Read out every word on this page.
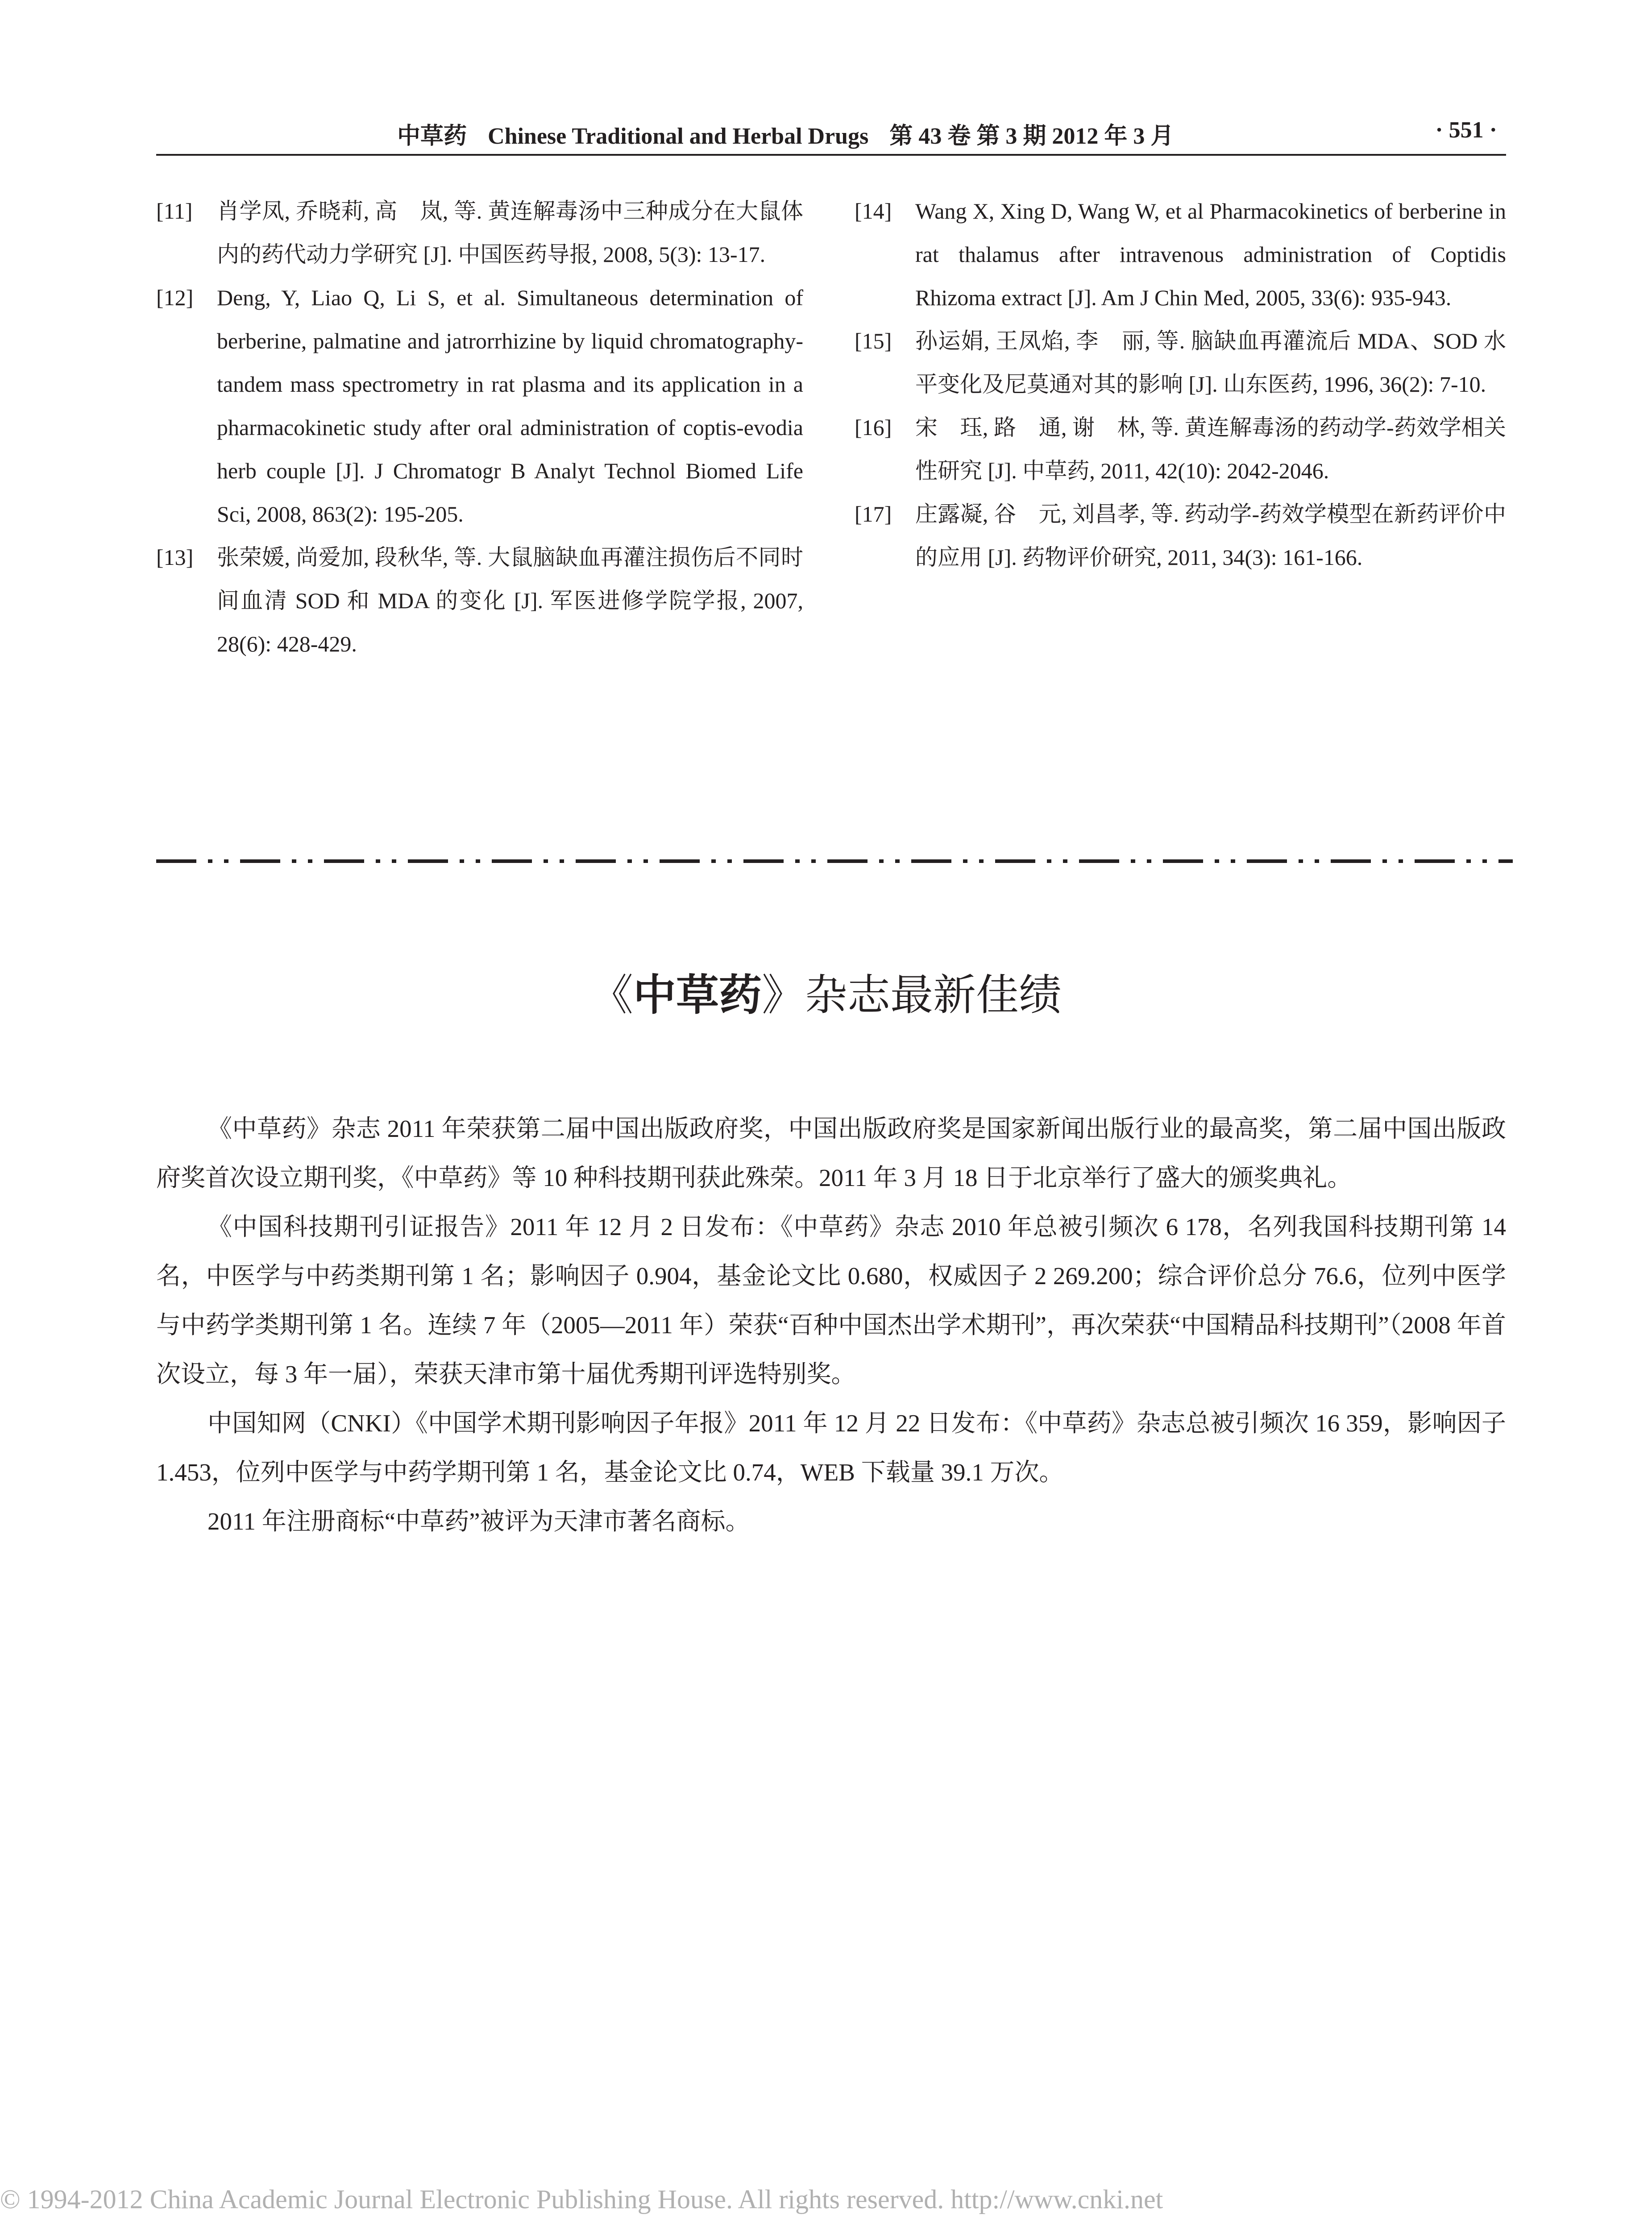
中草药 Chinese Traditional and Herbal Drugs 第 43 卷 第 3 期 2012 年 3 月	· 551 ·
[11] 肖学凤, 乔晓莉, 高　岚, 等. 黄连解毒汤中三种成分在大鼠体内的药代动力学研究 [J]. 中国医药导报, 2008, 5(3): 13-17.
[12] Deng, Y, Liao Q, Li S, et al. Simultaneous determination of berberine, palmatine and jatrorrhizine by liquid chromatography-tandem mass spectrometry in rat plasma and its application in a pharmacokinetic study after oral administration of coptis-evodia herb couple [J]. J Chromatogr B Analyt Technol Biomed Life Sci, 2008, 863(2): 195-205.
[13] 张荣媛, 尚爱加, 段秋华, 等. 大鼠脑缺血再灌注损伤后不同时间血清 SOD 和 MDA 的变化 [J]. 军医进修学院学报, 2007, 28(6): 428-429.
[14] Wang X, Xing D, Wang W, et al Pharmacokinetics of berberine in rat thalamus after intravenous administration of Coptidis Rhizoma extract [J]. Am J Chin Med, 2005, 33(6): 935-943.
[15] 孙运娟, 王凤焰, 李　丽, 等. 脑缺血再灌流后 MDA、SOD 水平变化及尼莫通对其的影响 [J]. 山东医药, 1996, 36(2): 7-10.
[16] 宋　珏, 路　通, 谢　林, 等. 黄连解毒汤的药动学-药效学相关性研究 [J]. 中草药, 2011, 42(10): 2042-2046.
[17] 庄露凝, 谷　元, 刘昌孝, 等. 药动学-药效学模型在新药评价中的应用 [J]. 药物评价研究, 2011, 34(3): 161-166.
《中草药》杂志最新佳绩

《中草药》杂志 2011 年荣获第二届中国出版政府奖，中国出版政府奖是国家新闻出版行业的最高奖，第二届中国出版政府奖首次设立期刊奖，《中草药》等 10 种科技期刊获此殊荣。2011 年 3 月 18 日于北京举行了盛大的颁奖典礼。

《中国科技期刊引证报告》2011 年 12 月 2 日发布：《中草药》杂志 2010 年总被引频次 6 178，名列我国科技期刊第 14 名，中医学与中药类期刊第 1 名；影响因子 0.904，基金论文比 0.680，权威因子 2 269.200；综合评价总分 76.6，位列中医学与中药学类期刊第 1 名。连续 7 年（2005—2011 年）荣获“百种中国杰出学术期刊”，再次荣获“中国精品科技期刊”（2008 年首次设立，每 3 年一届），荣获天津市第十届优秀期刊评选特别奖。

中国知网（CNKI）《中国学术期刊影响因子年报》2011 年 12 月 22 日发布：《中草药》杂志总被引频次 16 359，影响因子 1.453，位列中医学与中药学期刊第 1 名，基金论文比 0.74，WEB 下载量 39.1 万次。

2011 年注册商标“中草药”被评为天津市著名商标。

© 1994-2012 China Academic Journal Electronic Publishing House. All rights reserved. http://www.cnki.net
